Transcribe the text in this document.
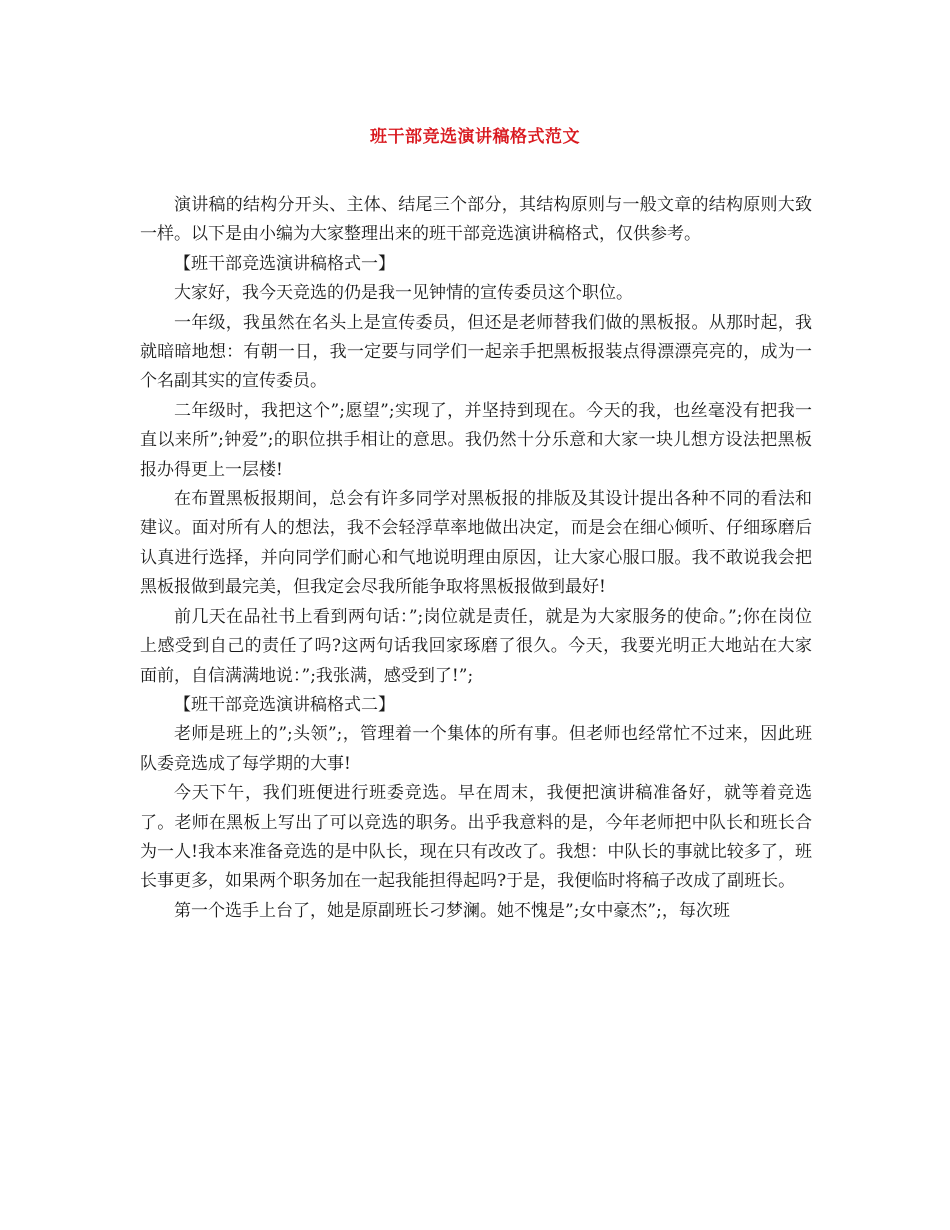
班干部竞选演讲稿格式范文

演讲稿的结构分开头、主体、结尾三个部分，其结构原则与一般文章的结构原则大致一样。以下是由小编为大家整理出来的班干部竞选演讲稿格式，仅供参考。

【班干部竞选演讲稿格式一】

大家好，我今天竞选的仍是我一见钟情的宣传委员这个职位。

一年级，我虽然在名头上是宣传委员，但还是老师替我们做的黑板报。从那时起，我就暗暗地想：有朝一日，我一定要与同学们一起亲手把黑板报装点得漂漂亮亮的，成为一个名副其实的宣传委员。

二年级时，我把这个”;愿望”;实现了，并坚持到现在。今天的我，也丝毫没有把我一直以来所”;钟爱”;的职位拱手相让的意思。我仍然十分乐意和大家一块儿想方设法把黑板报办得更上一层楼!

在布置黑板报期间，总会有许多同学对黑板报的排版及其设计提出各种不同的看法和建议。面对所有人的想法，我不会轻浮草率地做出决定，而是会在细心倾听、仔细琢磨后认真进行选择，并向同学们耐心和气地说明理由原因，让大家心服口服。我不敢说我会把黑板报做到最完美，但我定会尽我所能争取将黑板报做到最好!

前几天在品社书上看到两句话：”;岗位就是责任，就是为大家服务的使命。”;你在岗位上感受到自己的责任了吗?这两句话我回家琢磨了很久。今天，我要光明正大地站在大家面前，自信满满地说：”;我张满，感受到了!”;

【班干部竞选演讲稿格式二】

老师是班上的”;头领”;，管理着一个集体的所有事。但老师也经常忙不过来，因此班队委竞选成了每学期的大事!

今天下午，我们班便进行班委竞选。早在周末，我便把演讲稿准备好，就等着竞选了。老师在黑板上写出了可以竞选的职务。出乎我意料的是，今年老师把中队长和班长合为一人!我本来准备竞选的是中队长，现在只有改改了。我想：中队长的事就比较多了，班长事更多，如果两个职务加在一起我能担得起吗?于是，我便临时将稿子改成了副班长。

第一个选手上台了，她是原副班长刁梦澜。她不愧是”;女中豪杰”;，每次班
